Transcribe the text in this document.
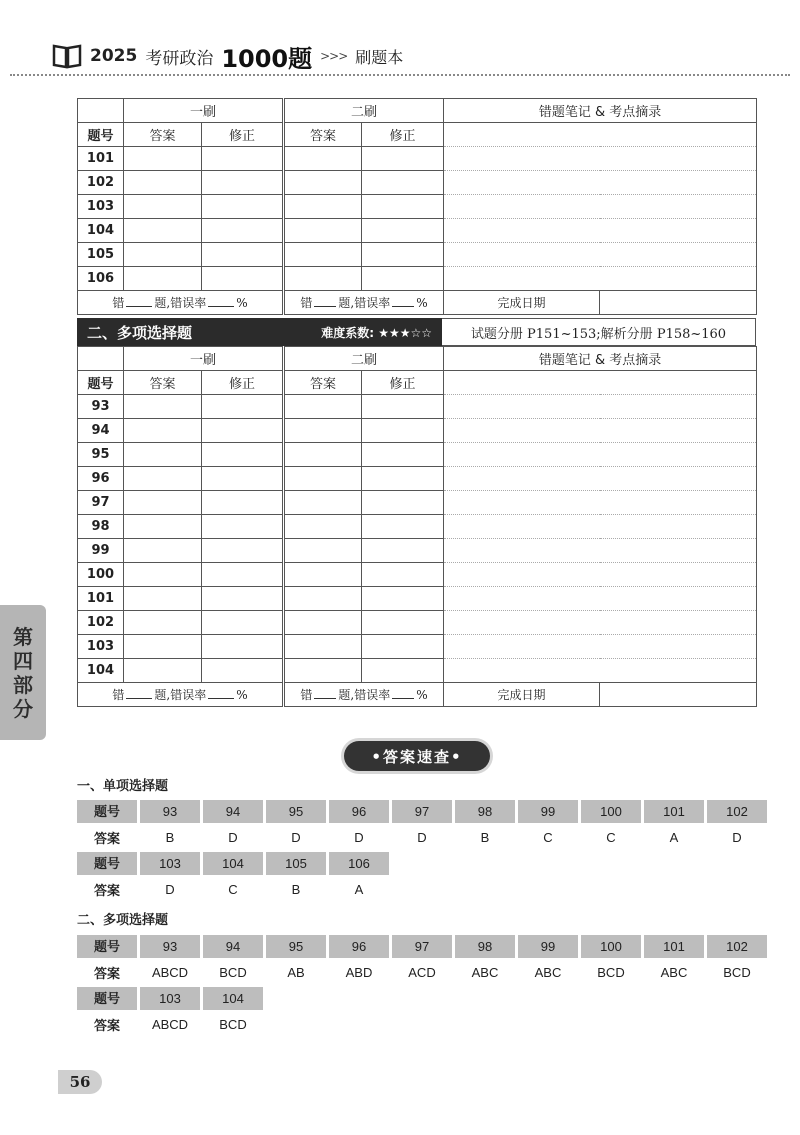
2025 考研政治 1000题 >>> 刷题本
	一刷		二刷		错题笔记 & 考点摘录	
题号	答案	修正	答案	修正		
101						
102						
103						
104						
105						
106						
错 题,错误率 %			错 题,错误率 %		完成日期	
二、多项选择题	难度系数: ★★★☆☆	试题分册 P151~153;解析分册 P158~160
	一刷		二刷		错题笔记 & 考点摘录	
题号	答案	修正	答案	修正		
93						
94						
95						
96						
97						
98						
99						
100						
101						
102						
103						
104						
错 题,错误率 %			错 题,错误率 %		完成日期	
第
四
部
分
•答案速查•
一、单项选择题
题号	93	94	95	96	97	98	99	100	101	102
答案	B	D	D	D	D	B	C	C	A	D
题号	103	104	105	106
答案	D	C	B	A
二、多项选择题
题号	93	94	95	96	97	98	99	100	101	102
答案	ABCD	BCD	AB	ABD	ACD	ABC	ABC	BCD	ABC	BCD
题号	103	104
答案	ABCD	BCD
56
